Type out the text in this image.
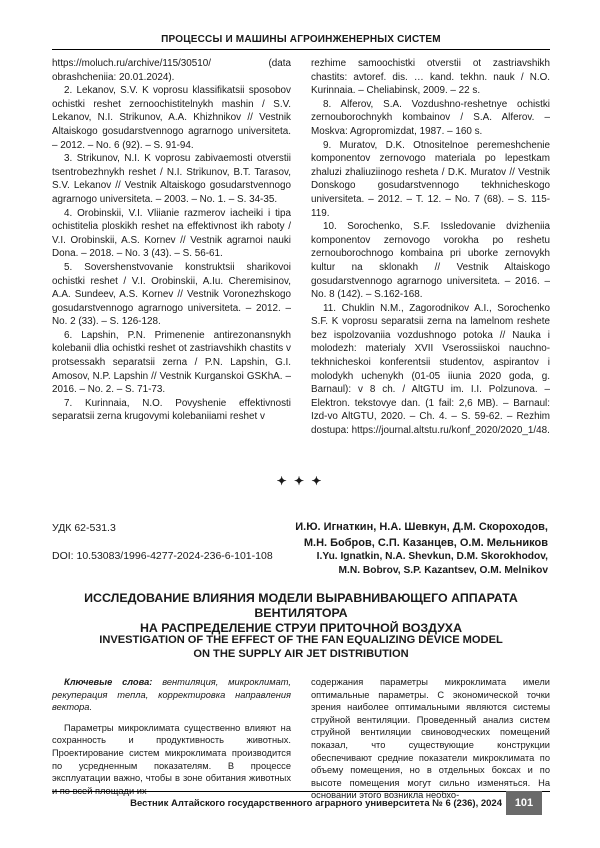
ПРОЦЕССЫ И МАШИНЫ АГРОИНЖЕНЕРНЫХ СИСТЕМ

https://moluch.ru/archive/115/30510/ (data obrashcheniia: 20.01.2024).

2. Lekanov, S.V. K voprosu klassifikatsii sposobov ochistki reshet zernoochistitelnykh mashin / S.V. Lekanov, N.I. Strikunov, A.A. Khizhnikov // Vestnik Altaiskogo gosudarstvennogo agrarnogo universiteta. – 2012. – No. 6 (92). – S. 91-94.

3. Strikunov, N.I. K voprosu zabivaemosti otverstii tsentrobezhnykh reshet / N.I. Strikunov, B.T. Tarasov, S.V. Lekanov // Vestnik Altaiskogo gosudarstvennogo agrarnogo universiteta. – 2003. – No. 1. – S. 34-35.

4. Orobinskii, V.I. Vliianie razmerov iacheiki i tipa ochistitelia ploskikh reshet na effektivnost ikh raboty / V.I. Orobinskii, A.S. Kornev // Vestnik agrarnoi nauki Dona. – 2018. – No. 3 (43). – S. 56-61.

5. Sovershenstvovanie konstruktsii sharikovoi ochistki reshet / V.I. Orobinskii, A.Iu. Cheremisinov, A.A. Sundeev, A.S. Kornev // Vestnik Voronezhskogo gosudarstvennogo agrarnogo universiteta. – 2012. – No. 2 (33). – S. 126-128.

6. Lapshin, P.N. Primenenie antirezonansnykh kolebanii dlia ochistki reshet ot zastriavshikh chastits v protsessakh separatsii zerna / P.N. Lapshin, G.I. Amosov, N.P. Lapshin // Vestnik Kurganskoi GSKhA. – 2016. – No. 2. – S. 71-73.

7. Kurinnaia, N.O. Povyshenie effektivnosti separatsii zerna krugovymi kolebaniiami reshet v

rezhime samoochistki otverstii ot zastriavshikh chastits: avtoref. dis. … kand. tekhn. nauk / N.O. Kurinnaia. – Cheliabinsk, 2009. – 22 s.

8. Alferov, S.A. Vozdushno-reshetnye ochistki zernouborochnykh kombainov / S.A. Alferov. – Moskva: Agropromizdat, 1987. – 160 s.

9. Muratov, D.K. Otnositelnoe peremeshchenie komponentov zernovogo materiala po lepestkam zhaluzi zhaliuziinogo resheta / D.K. Muratov // Vestnik Donskogo gosudarstvennogo tekhnicheskogo universiteta. – 2012. – T. 12. – No. 7 (68). – S. 115-119.

10. Sorochenko, S.F. Issledovanie dvizheniia komponentov zernovogo vorokha po reshetu zernouborochnogo kombaina pri uborke zernovykh kultur na sklonakh // Vestnik Altaiskogo gosudarstvennogo agrarnogo universiteta. – 2016. – No. 8 (142). – S.162-168.

11. Chuklin N.M., Zagorodnikov A.I., Sorochenko S.F. K voprosu separatsii zerna na lamelnom reshete bez ispolzovaniia vozdushnogo potoka // Nauka i molodezh: materialy XVII Vserossiiskoi nauchno-tekhnicheskoi konferentsii studentov, aspirantov i molodykh uchenykh (01-05 iiunia 2020 goda, g. Barnaul): v 8 ch. / AltGTU im. I.I. Polzunova. – Elektron. tekstovye dan. (1 fail: 2,6 MB). – Barnaul: Izd-vo AltGTU, 2020. – Ch. 4. – S. 59-62. – Rezhim dostupa: https://journal.altstu.ru/konf_2020/2020_1/48.

✦ ✦ ✦
УДК 62-531.3
DOI: 10.53083/1996-4277-2024-236-6-101-108
И.Ю. Игнаткин, Н.А. Шевкун, Д.М. Скороходов,
М.Н. Бобров, С.П. Казанцев, О.М. Мельников
I.Yu. Ignatkin, N.A. Shevkun, D.M. Skorokhodov,
M.N. Bobrov, S.P. Kazantsev, O.M. Melnikov
ИССЛЕДОВАНИЕ ВЛИЯНИЯ МОДЕЛИ ВЫРАВНИВАЮЩЕГО АППАРАТА ВЕНТИЛЯТОРА
НА РАСПРЕДЕЛЕНИЕ СТРУИ ПРИТОЧНОЙ ВОЗДУХА
INVESTIGATION OF THE EFFECT OF THE FAN EQUALIZING DEVICE MODEL
ON THE SUPPLY AIR JET DISTRIBUTION

Ключевые слова: вентиляция, микроклимат, рекуперация тепла, корректировка направления вектора.

Параметры микроклимата существенно влияют на сохранность и продуктивность животных. Проектирование систем микроклимата производится по усредненным показателям. В процессе эксплуатации важно, чтобы в зоне обитания животных и по всей площади их

содержания параметры микроклимата имели оптимальные параметры. С экономической точки зрения наиболее оптимальными являются системы струйной вентиляции. Проведенный анализ систем струйной вентиляции свиноводческих помещений показал, что существующие конструкции обеспечивают средние показатели микроклимата по объему помещения, но в отдельных боксах и по высоте помещения могут сильно изменяться. На основании этого возникла необхо-

Вестник Алтайского государственного аграрного университета № 6 (236), 2024	101
